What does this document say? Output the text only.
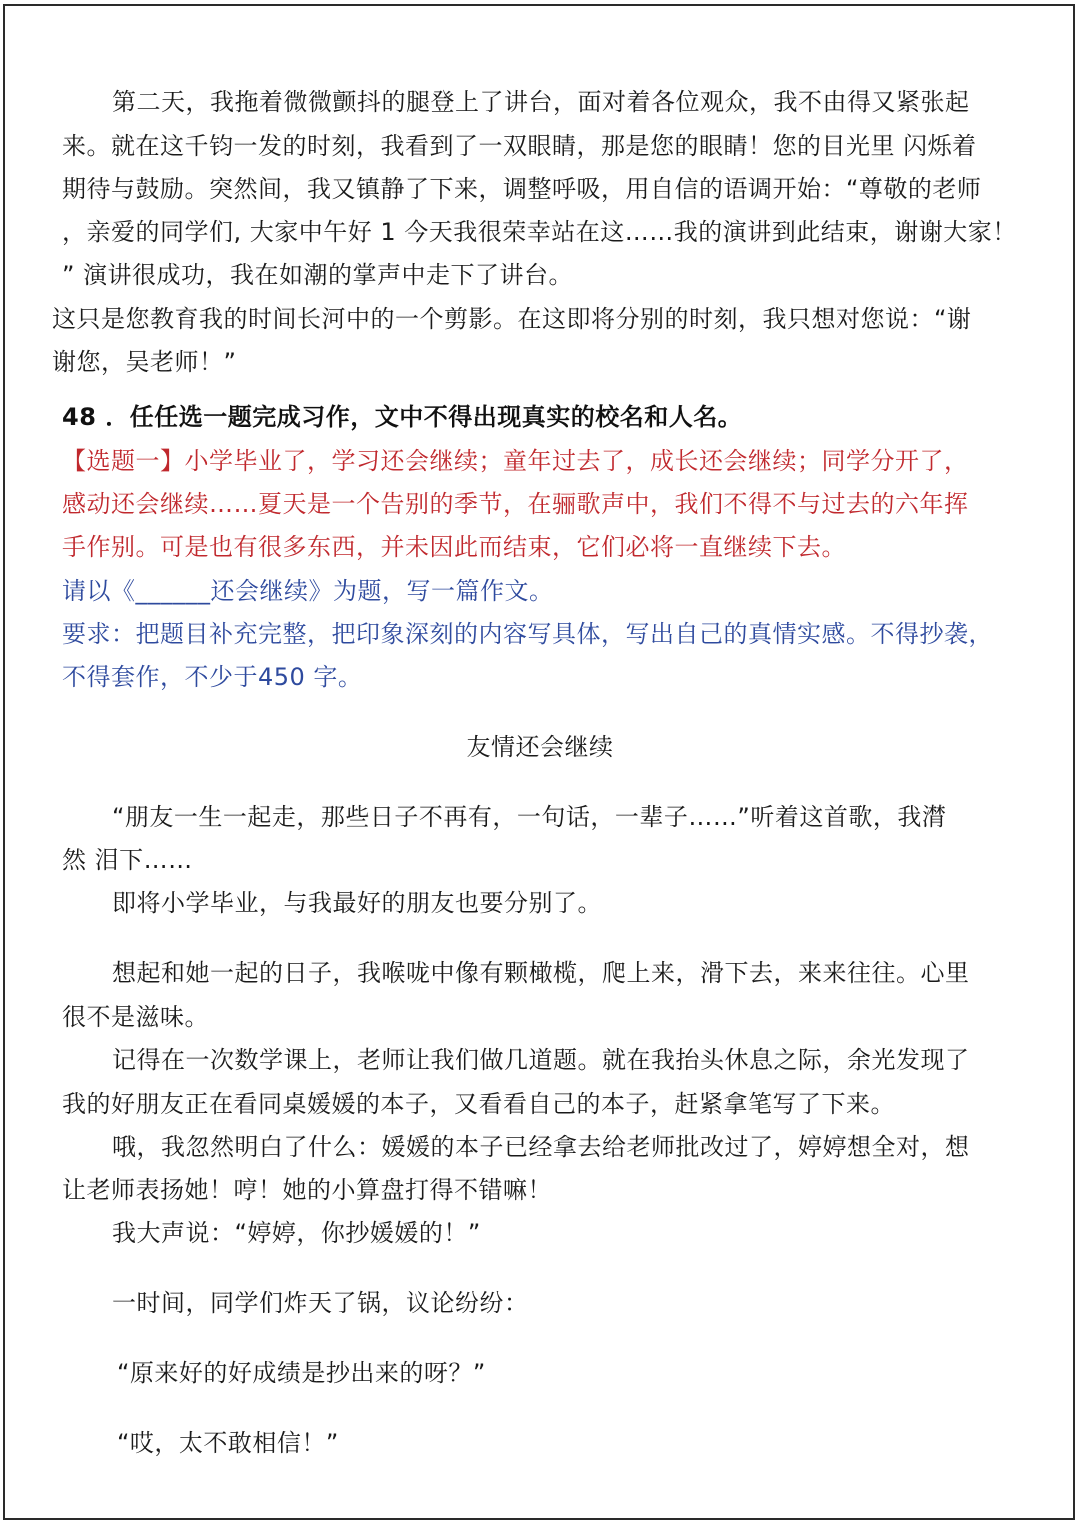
第二天，我拖着微微颤抖的腿登上了讲台，面对着各位观众，我不由得又紧张起
来。就在这千钧一发的时刻，我看到了一双眼睛，那是您的眼睛！您的目光里 闪烁着
期待与鼓励。突然间，我又镇静了下来，调整呼吸，用自信的语调开始：“尊敬的老师
，亲爱的同学们, 大家中午好 1 今天我很荣幸站在这……我的演讲到此结束，谢谢大家！
” 演讲很成功，我在如潮的掌声中走下了讲台。
这只是您教育我的时间长河中的一个剪影。在这即将分别的时刻，我只想对您说：“谢
谢您，吴老师！”
48 ．任任选一题完成习作，文中不得出现真实的校名和人名。
【选题一】小学毕业了，学习还会继续；童年过去了，成长还会继续；同学分开了，
感动还会继续……夏天是一个告别的季节，在骊歌声中，我们不得不与过去的六年挥
手作别。可是也有很多东西，并未因此而结束，它们必将一直继续下去。
请以《______还会继续》为题，写一篇作文。
要求：把题目补充完整，把印象深刻的内容写具体，写出自己的真情实感。不得抄袭，
不得套作，不少于450 字。
友情还会继续
“朋友一生一起走，那些日子不再有，一句话，一辈子……”听着这首歌，我潸
然 泪下……
即将小学毕业，与我最好的朋友也要分别了。
想起和她一起的日子，我喉咙中像有颗橄榄，爬上来，滑下去，来来往往。心里
很不是滋味。
记得在一次数学课上，老师让我们做几道题。就在我抬头休息之际，余光发现了
我的好朋友正在看同桌媛媛的本子，又看看自己的本子，赶紧拿笔写了下来。
哦，我忽然明白了什么：媛媛的本子已经拿去给老师批改过了，婷婷想全对，想
让老师表扬她！哼！她的小算盘打得不错嘛！
我大声说：“婷婷，你抄媛媛的！”
一时间，同学们炸天了锅，议论纷纷：
“原来好的好成绩是抄出来的呀？”
“哎，太不敢相信！”
